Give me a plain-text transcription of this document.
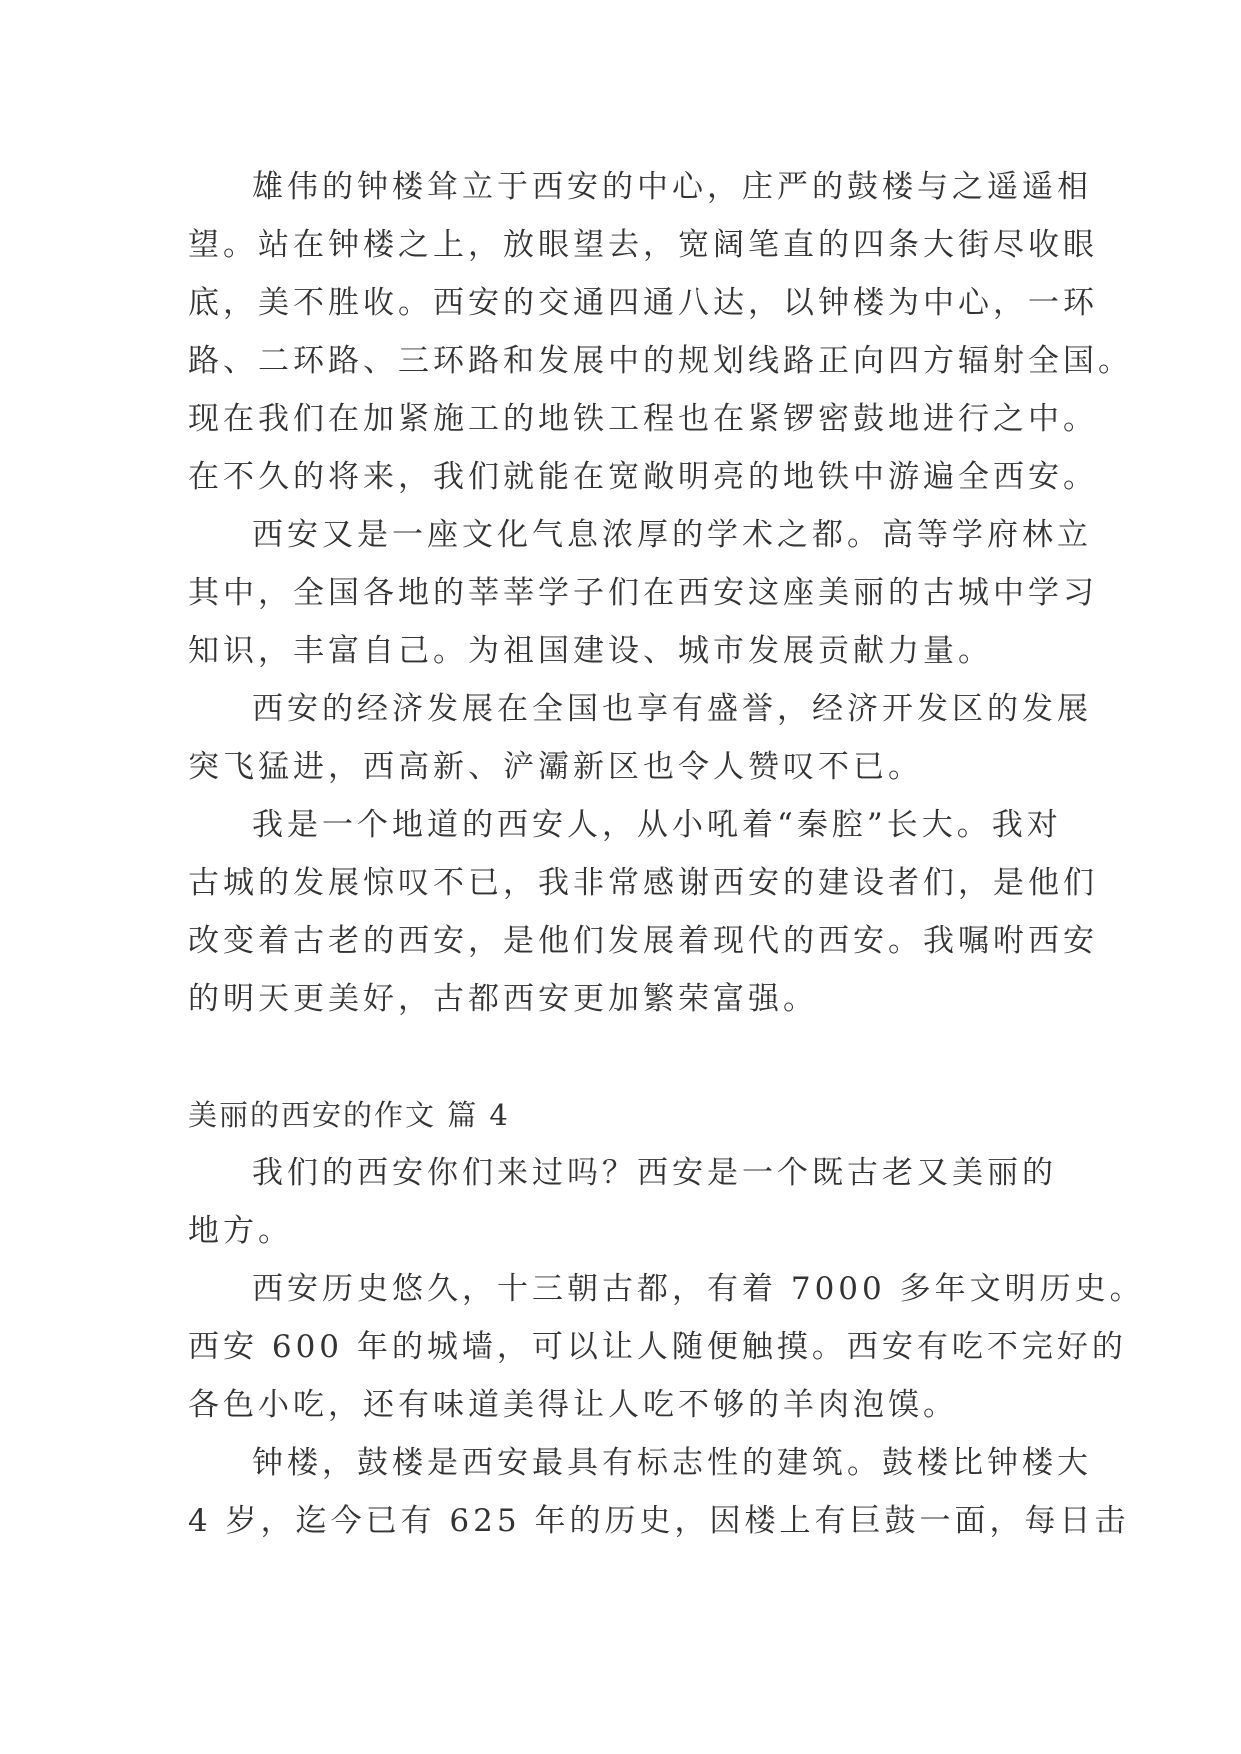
雄伟的钟楼耸立于西安的中心，庄严的鼓楼与之遥遥相
望。站在钟楼之上，放眼望去，宽阔笔直的四条大街尽收眼
底，美不胜收。西安的交通四通八达，以钟楼为中心，一环
路、二环路、三环路和发展中的规划线路正向四方辐射全国。
现在我们在加紧施工的地铁工程也在紧锣密鼓地进行之中。
在不久的将来，我们就能在宽敞明亮的地铁中游遍全西安。
西安又是一座文化气息浓厚的学术之都。高等学府林立
其中，全国各地的莘莘学子们在西安这座美丽的古城中学习
知识，丰富自己。为祖国建设、城市发展贡献力量。
西安的经济发展在全国也享有盛誉，经济开发区的发展
突飞猛进，西高新、浐灞新区也令人赞叹不已。
我是一个地道的西安人，从小吼着“秦腔”长大。我对
古城的发展惊叹不已，我非常感谢西安的建设者们，是他们
改变着古老的西安，是他们发展着现代的西安。我嘱咐西安
的明天更美好，古都西安更加繁荣富强。
美丽的西安的作文 篇 4
我们的西安你们来过吗？西安是一个既古老又美丽的
地方。
西安历史悠久，十三朝古都，有着 7000 多年文明历史。
西安 600 年的城墙，可以让人随便触摸。西安有吃不完好的
各色小吃，还有味道美得让人吃不够的羊肉泡馍。
钟楼，鼓楼是西安最具有标志性的建筑。鼓楼比钟楼大
4 岁，迄今已有 625 年的历史，因楼上有巨鼓一面，每日击
